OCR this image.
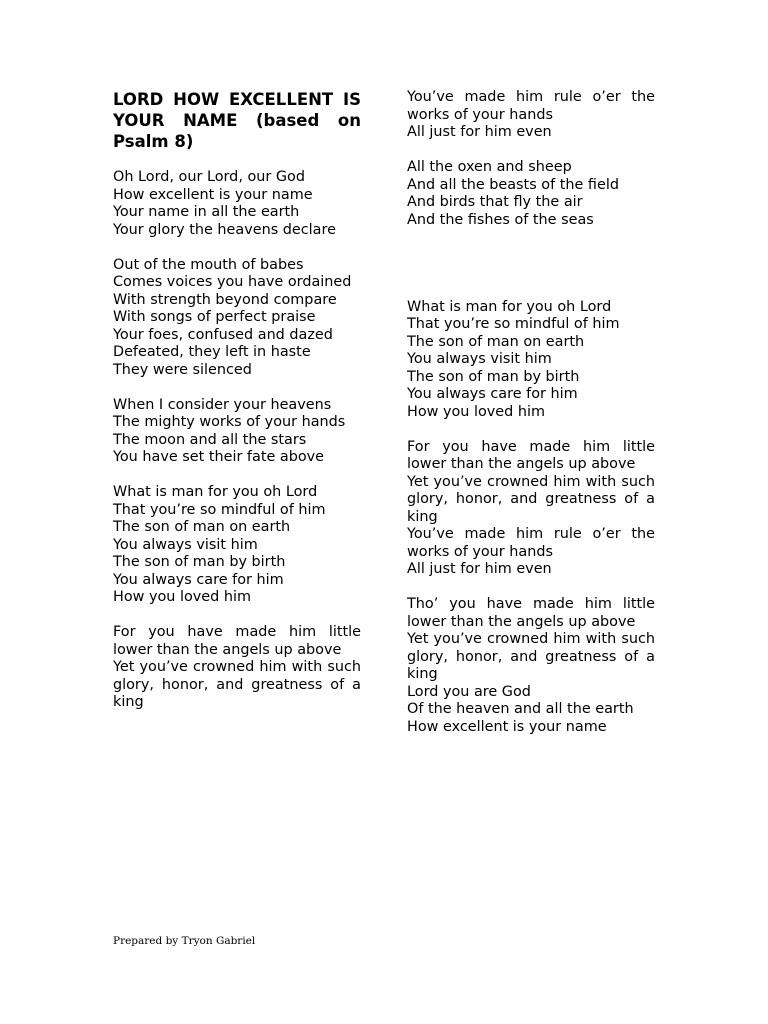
LORD HOW EXCELLENT IS YOUR NAME (based on Psalm 8)
Oh Lord, our Lord, our God
How excellent is your name
Your name in all the earth
Your glory the heavens declare
Out of the mouth of babes
Comes voices you have ordained
With strength beyond compare
With songs of perfect praise
Your foes, confused and dazed
Defeated, they left in haste
They were silenced
When I consider your heavens
The mighty works of your hands
The moon and all the stars
You have set their fate above
What is man for you oh Lord
That you’re so mindful of him
The son of man on earth
You always visit him
The son of man by birth
You always care for him
How you loved him
For you have made him little lower than the angels up above
Yet you’ve crowned him with such glory, honor, and greatness of a king
You’ve made him rule o’er the works of your hands
All just for him even
All the oxen and sheep
And all the beasts of the field
And birds that fly the air
And the fishes of the seas
What is man for you oh Lord
That you’re so mindful of him
The son of man on earth
You always visit him
The son of man by birth
You always care for him
How you loved him
For you have made him little lower than the angels up above
Yet you’ve crowned him with such glory, honor, and greatness of a king
You’ve made him rule o’er the works of your hands
All just for him even
Tho’ you have made him little lower than the angels up above
Yet you’ve crowned him with such glory, honor, and greatness of a king
Lord you are God
Of the heaven and all the earth
How excellent is your name
Prepared by Tryon Gabriel
